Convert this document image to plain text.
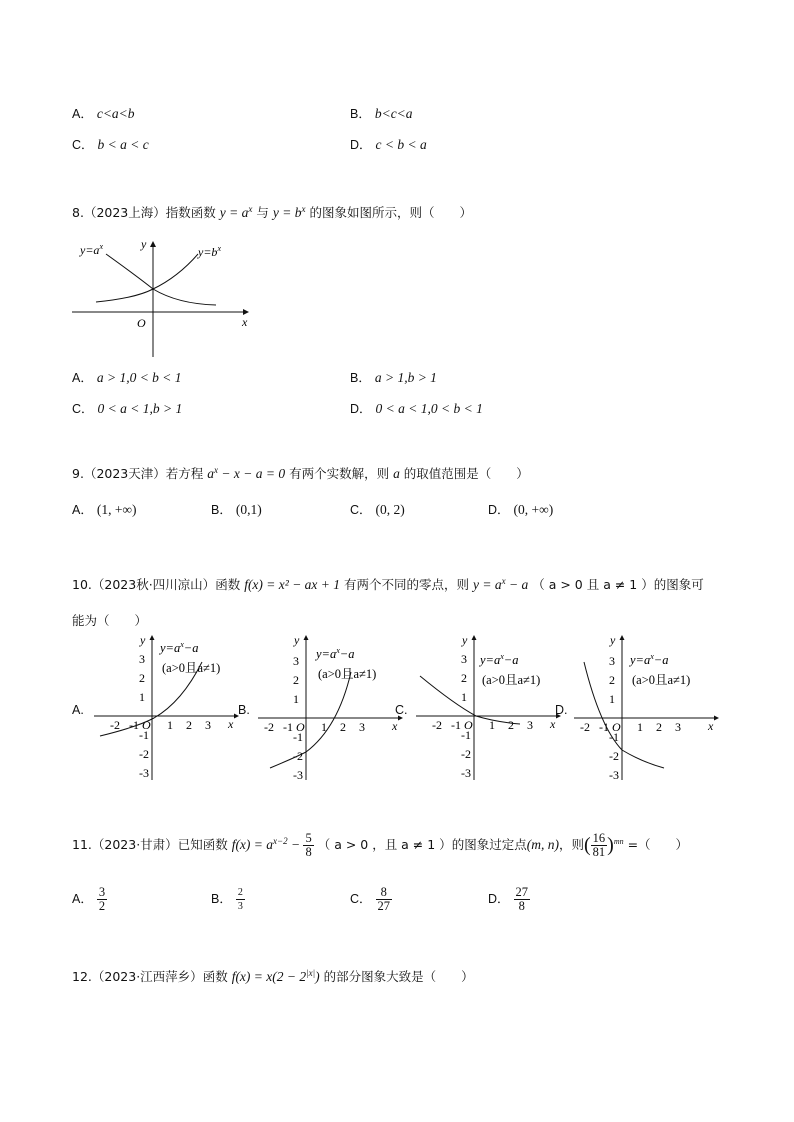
A． c<a<b	B． b<c<a
C． b < a < c	D． c < b < a
8.（2023上海）指数函数 $y = a^x$ 与 $y = b^x$ 的图象如图所示，则（　　）
$y=a^x$	$y=b^x$
y
x
O
A． a > 1,0 < b < 1	B． a > 1,b > 1
C． 0 < a < 1,b > 1	D． 0 < a < 1,0 < b < 1
9.（2023天津）若方程 $a^x - x - a = 0$ 有两个实数解，则 a 的取值范围是（　　）
A． (1, +∞)	B． (0,1)	C． (0, 2)	D． (0, +∞)
10.（2023秋·四川凉山）函数 f(x) = x² − ax + 1 有两个不同的零点，则 $y = a^x - a$ （ a > 0 且 a ≠ 1 ）的图象可
能为（　　）
A.	B.	C.	D.
3
2
1
-1
-2
-3
-2 -1 1 2 3
O	x
y
$y=a^x-a$
(a>0且a≠1)	3
2
1
-1
-2
-3
-2 -1 1 2 3
O	x
y
$y=a^x-a$
(a>0且a≠1)
3
2
1
-1
-2
-3
-2 -1 1 2 3
O	x
y
$y=a^x-a$
(a>0且a≠1)
3
2
1
-1
-2
-3
-2 -1 1 2 3
O	x
y
$y=a^x-a$
(a>0且a≠1)
11.（2023·甘肃）已知函数 $f(x) = a^{x-2} - \frac{5}{8}$ （ a > 0 ，且 a ≠ 1 ）的图象过定点(m, n)，则( $\frac{16}{81} )^{mn}$ =（　　）
A． $\frac{3}{2}$	B． $\frac{2}{3}$	C． $\frac{8}{27}$	D． $\frac{27}{8}$
12.（2023·江西萍乡）函数 $f(x) = x(2 - 2^{|x|})$ 的部分图象大致是（　　）
